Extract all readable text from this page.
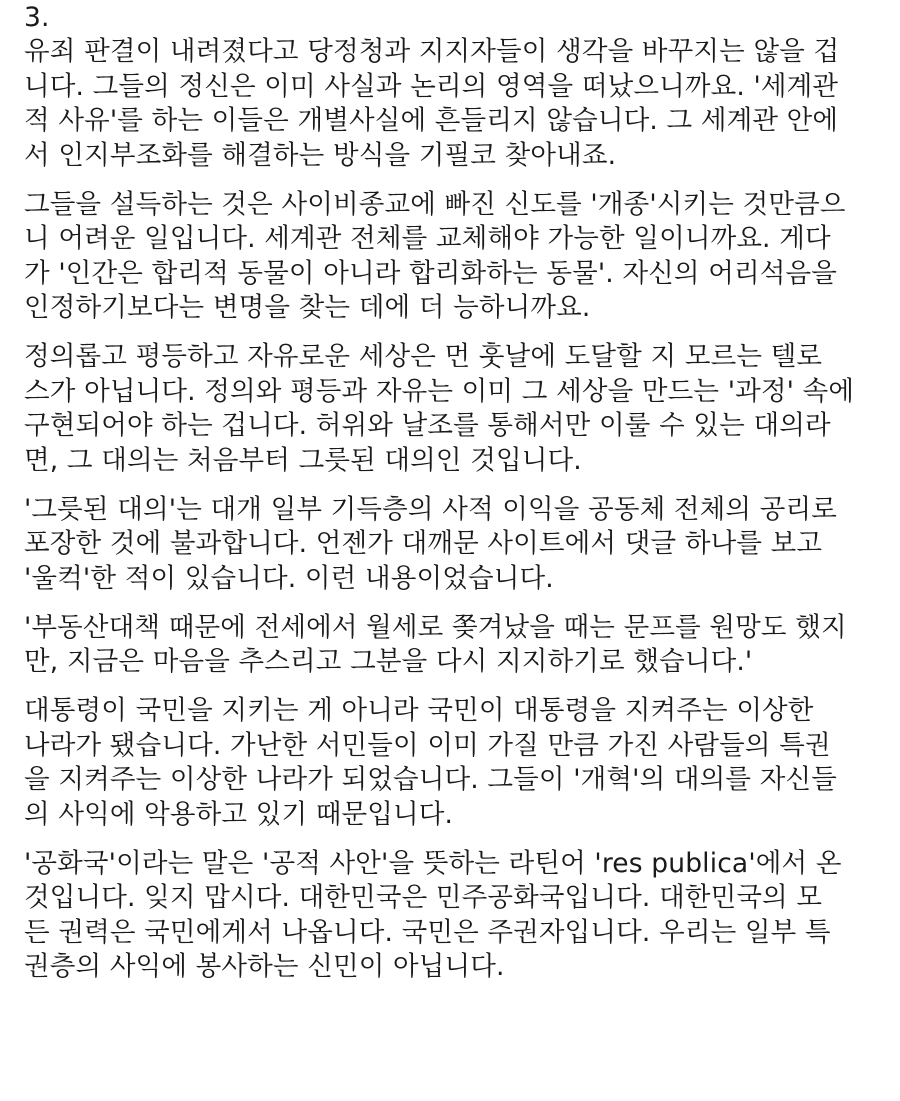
3.
유죄 판결이 내려졌다고 당정청과 지지자들이 생각을 바꾸지는 않을 겁
니다. 그들의 정신은 이미 사실과 논리의 영역을 떠났으니까요. '세계관
적 사유'를 하는 이들은 개별사실에 흔들리지 않습니다. 그 세계관 안에
서 인지부조화를 해결하는 방식을 기필코 찾아내죠.
그들을 설득하는 것은 사이비종교에 빠진 신도를 '개종'시키는 것만큼으
니 어려운 일입니다. 세계관 전체를 교체해야 가능한 일이니까요. 게다
가 '인간은 합리적 동물이 아니라 합리화하는 동물'. 자신의 어리석음을
인정하기보다는 변명을 찾는 데에 더 능하니까요.
정의롭고 평등하고 자유로운 세상은 먼 훗날에 도달할 지 모르는 텔로
스가 아닙니다. 정의와 평등과 자유는 이미 그 세상을 만드는 '과정' 속에
구현되어야 하는 겁니다. 허위와 날조를 통해서만 이룰 수 있는 대의라
면, 그 대의는 처음부터 그릇된 대의인 것입니다.
'그릇된 대의'는 대개 일부 기득층의 사적 이익을 공동체 전체의 공리로
포장한 것에 불과합니다. 언젠가 대깨문 사이트에서 댓글 하나를 보고
'울컥'한 적이 있습니다. 이런 내용이었습니다.
'부동산대책 때문에 전세에서 월세로 쫒겨났을 때는 문프를 원망도 했지
만, 지금은 마음을 추스리고 그분을 다시 지지하기로 했습니다.'
대통령이 국민을 지키는 게 아니라 국민이 대통령을 지켜주는 이상한
나라가 됐습니다. 가난한 서민들이 이미 가질 만큼 가진 사람들의 특권
을 지켜주는 이상한 나라가 되었습니다. 그들이 '개혁'의 대의를 자신들
의 사익에 악용하고 있기 때문입니다.
'공화국'이라는 말은 '공적 사안'을 뜻하는 라틴어 'res publica'에서 온
것입니다. 잊지 맙시다. 대한민국은 민주공화국입니다. 대한민국의 모
든 권력은 국민에게서 나옵니다. 국민은 주권자입니다. 우리는 일부 특
권층의 사익에 봉사하는 신민이 아닙니다.
